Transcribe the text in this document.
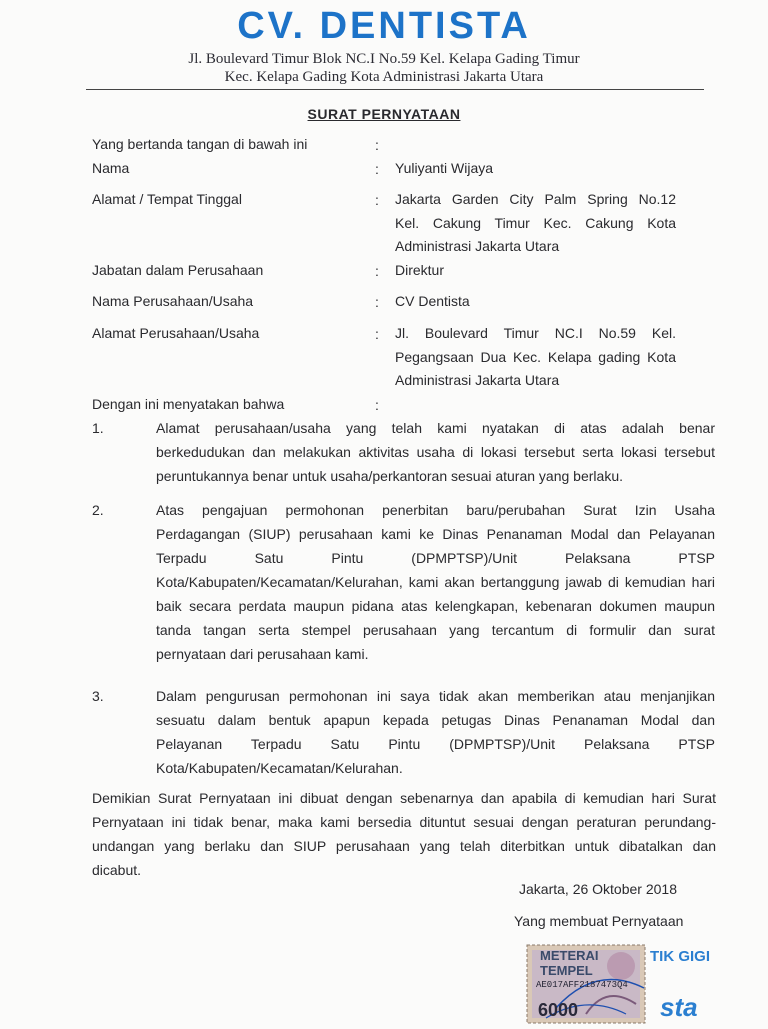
CV. DENTISTA
Jl. Boulevard Timur Blok NC.I No.59 Kel. Kelapa Gading Timur
Kec. Kelapa Gading Kota Administrasi Jakarta Utara
SURAT PERNYATAAN
Yang bertanda tangan di bawah ini	:
Nama	: Yuliyanti Wijaya
Alamat / Tempat Tinggal	: Jakarta Garden City Palm Spring No.12
Kel. Cakung Timur Kec. Cakung Kota
Administrasi Jakarta Utara
Jabatan dalam Perusahaan	: Direktur
Nama Perusahaan/Usaha	: CV Dentista
Alamat Perusahaan/Usaha	: Jl. Boulevard Timur NC.I No.59 Kel.
Pegangsaan Dua Kec. Kelapa gading Kota
Administrasi Jakarta Utara
Dengan ini menyatakan bahwa	:
1.	Alamat perusahaan/usaha yang telah kami nyatakan di atas adalah benar
berkedudukan dan melakukan aktivitas usaha di lokasi tersebut serta lokasi tersebut
peruntukannya benar untuk usaha/perkantoran sesuai aturan yang berlaku.
2.	Atas pengajuan permohonan penerbitan baru/perubahan Surat Izin Usaha
Perdagangan (SIUP) perusahaan kami ke Dinas Penanaman Modal dan Pelayanan
Terpadu Satu Pintu (DPMPTSP)/Unit Pelaksana PTSP
Kota/Kabupaten/Kecamatan/Kelurahan, kami akan bertanggung jawab di kemudian hari
baik secara perdata maupun pidana atas kelengkapan, kebenaran dokumen maupun
tanda tangan serta stempel perusahaan yang tercantum di formulir dan surat
pernyataan dari perusahaan kami.
3.	Dalam pengurusan permohonan ini saya tidak akan memberikan atau menjanjikan
sesuatu dalam bentuk apapun kepada petugas Dinas Penanaman Modal dan
Pelayanan Terpadu Satu Pintu (DPMPTSP)/Unit Pelaksana PTSP
Kota/Kabupaten/Kecamatan/Kelurahan.
Demikian Surat Pernyataan ini dibuat dengan sebenarnya dan apabila di kemudian hari Surat
Pernyataan ini tidak benar, maka kami bersedia dituntut sesuai dengan peraturan perundang-
undangan yang berlaku dan SIUP perusahaan yang telah diterbitkan untuk dibatalkan dan
dicabut.
Jakarta, 26 Oktober 2018
Yang membuat Pernyataan
METERAI
TEMPEL
AE017AFF2187473Q4
6000
TIK GIGI
sta
